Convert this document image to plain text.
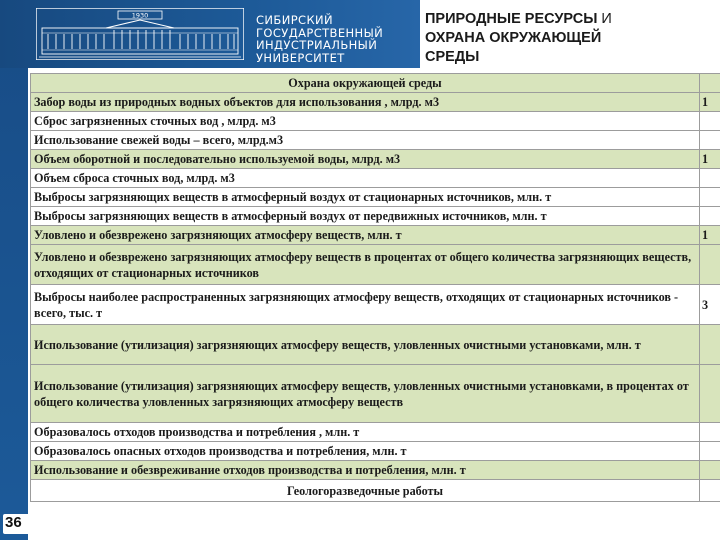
1930	СИБИРСКИЙ
ГОСУДАРСТВЕННЫЙ
ИНДУСТРИАЛЬНЫЙ
УНИВЕРСИТЕТ
ПРИРОДНЫЕ РЕСУРСЫ И
ОХРАНА ОКРУЖАЮЩЕЙ
СРЕДЫ
Охрана окружающей среды	
Забор воды из природных водных объектов для использования , млрд. м3	1
Сброс загрязненных сточных вод , млрд. м3	
Использование свежей воды – всего, млрд.м3	
Объем оборотной и последовательно используемой воды, млрд. м3	1
Объем сброса сточных вод, млрд. м3	
Выбросы загрязняющих веществ в атмосферный воздух от стационарных источников, млн. т	
Выбросы загрязняющих веществ в атмосферный воздух от передвижных источников, млн. т	
Уловлено и обезврежено загрязняющих атмосферу веществ, млн. т	1
Уловлено и обезврежено загрязняющих атмосферу веществ в процентах от общего количества загрязняющих веществ, отходящих от стационарных источников	
Выбросы наиболее распространенных загрязняющих атмосферу веществ, отходящих от стационарных источников - всего, тыс. т	3
Использование (утилизация) загрязняющих атмосферу веществ, уловленных очистными установками, млн. т	
Использование (утилизация) загрязняющих атмосферу веществ, уловленных очистными установками, в процентах от общего количества уловленных загрязняющих атмосферу веществ	
Образовалось отходов производства и потребления , млн. т	
Образовалось опасных отходов производства и потребления, млн. т	
Использование и обезвреживание отходов производства и потребления, млн. т	
Геологоразведочные работы	
36
